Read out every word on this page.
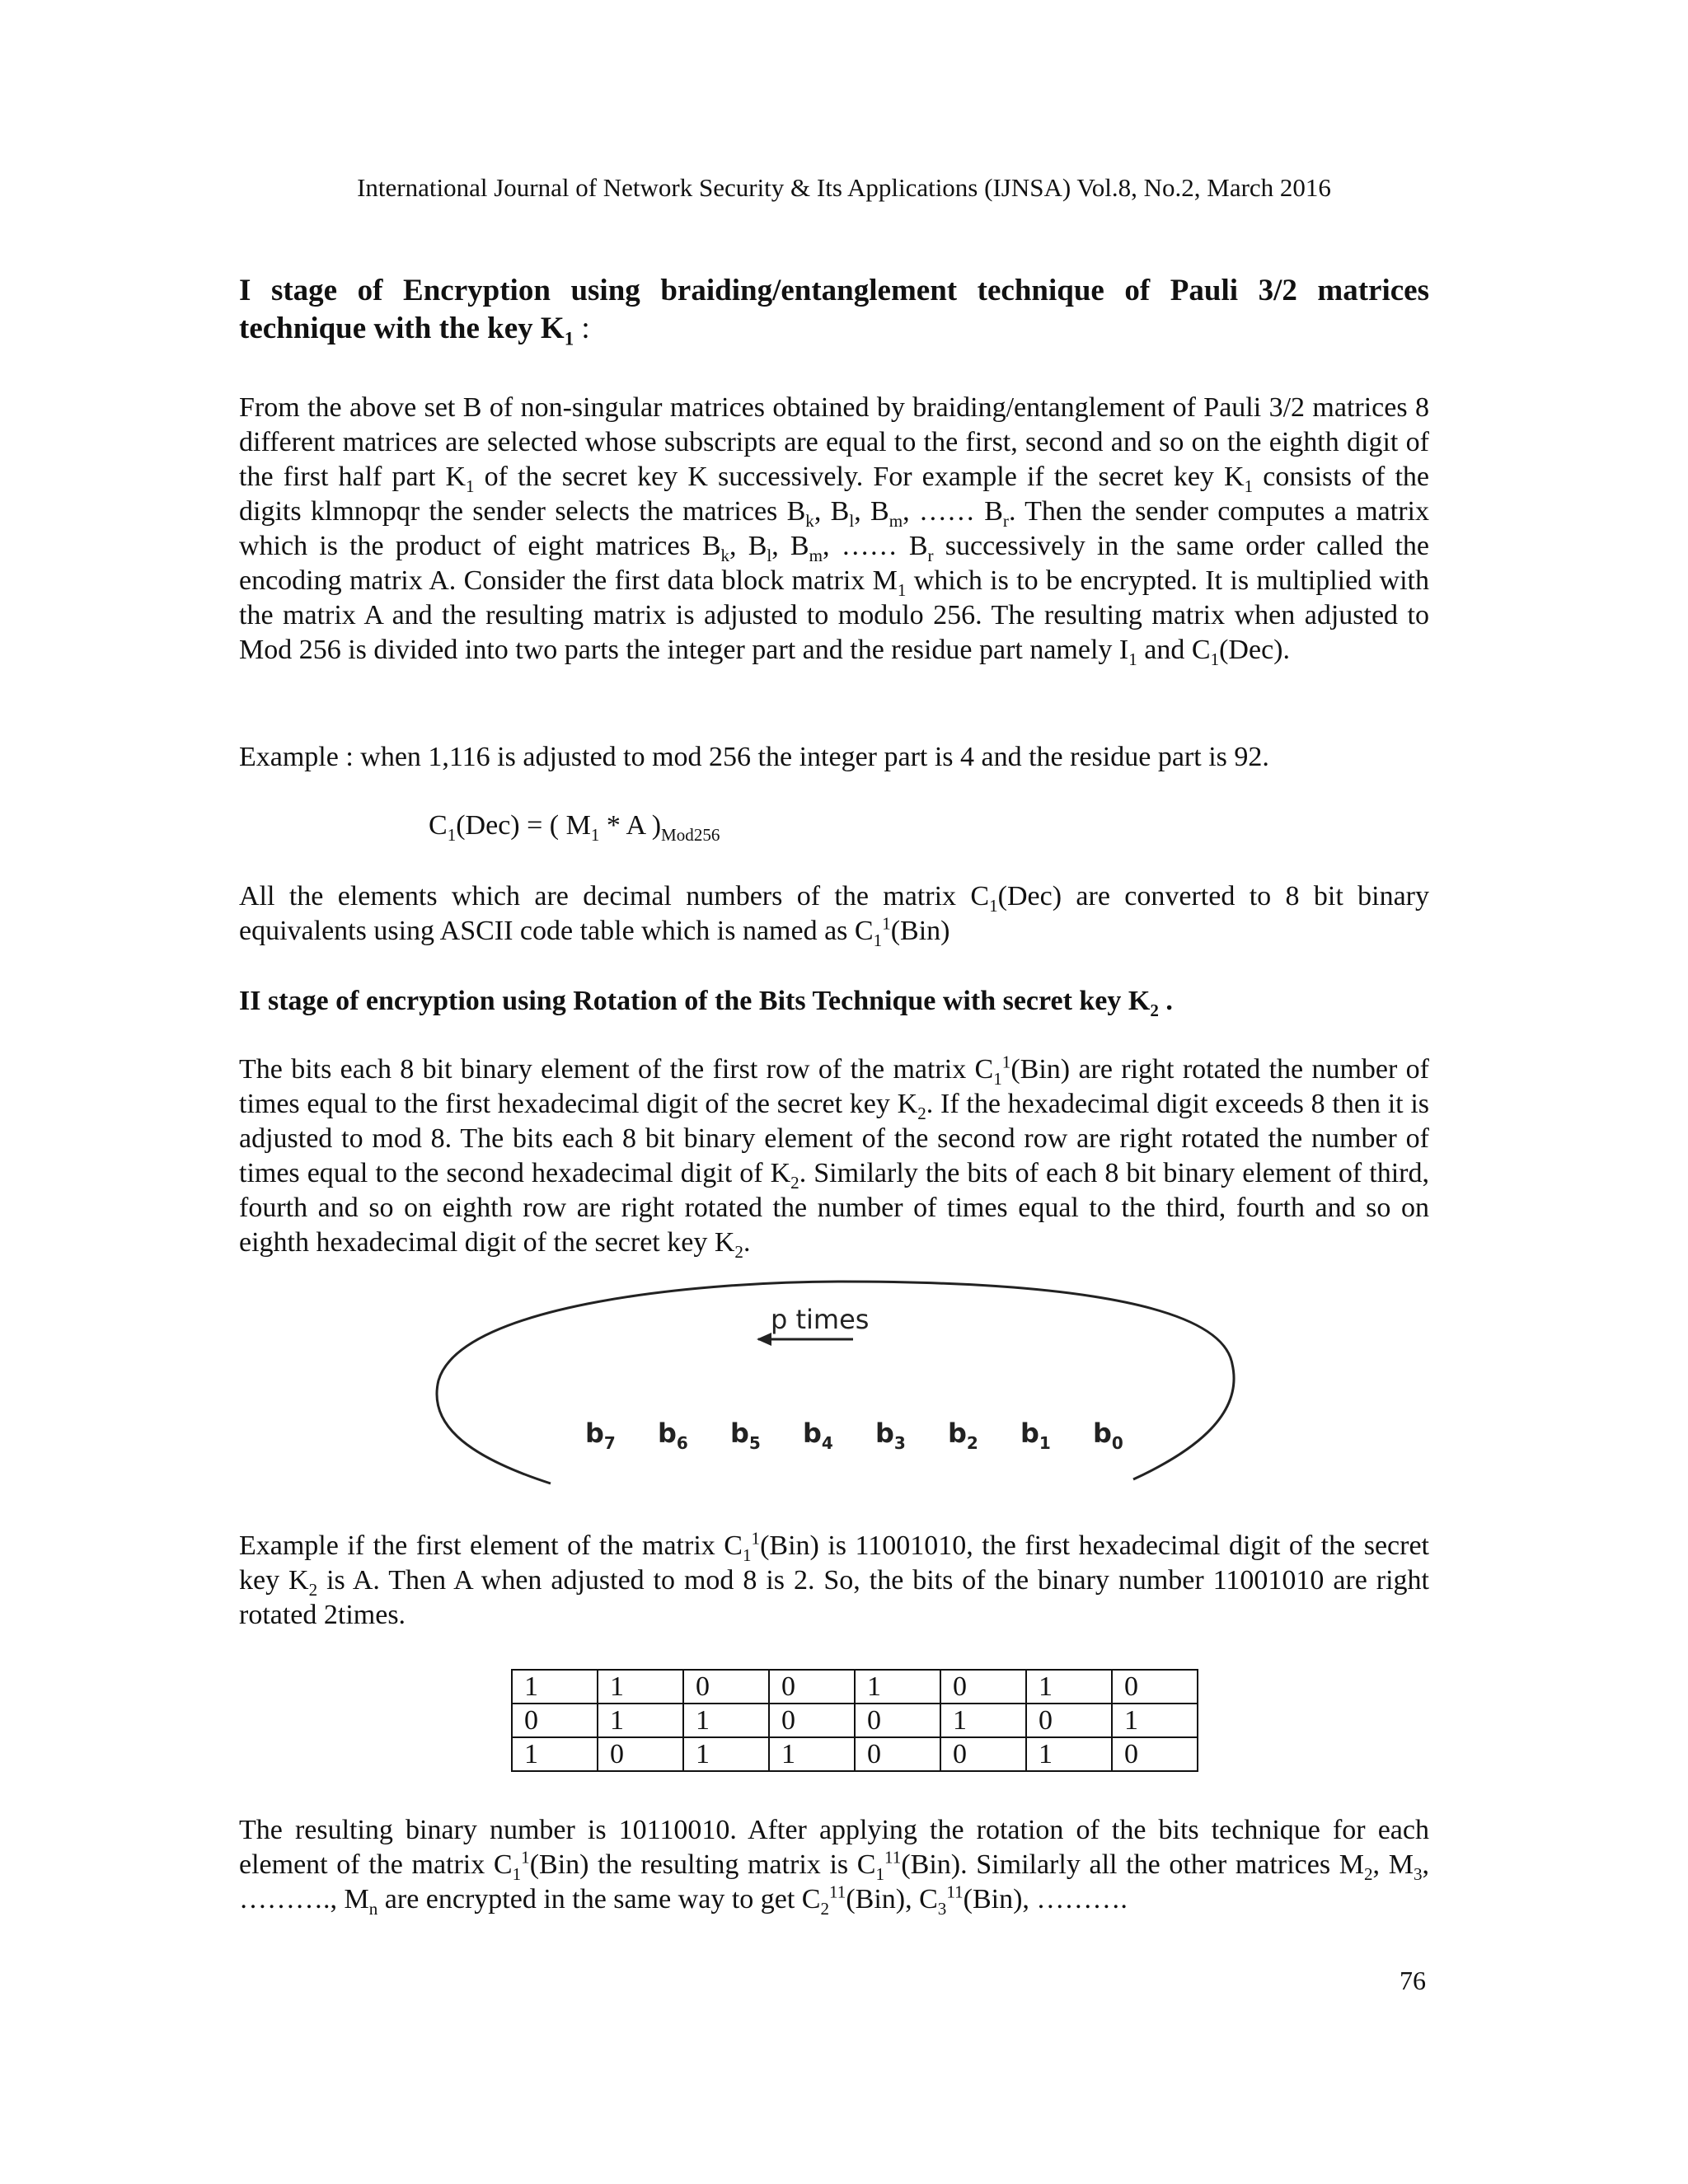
International Journal of Network Security & Its Applications (IJNSA) Vol.8, No.2, March 2016

I stage of Encryption using braiding/entanglement technique of Pauli 3/2 matrices technique with the key $K_1$ :

From the above set B of non-singular matrices obtained by braiding/entanglement of Pauli 3/2 matrices 8 different matrices are selected whose subscripts are equal to the first, second and so on the eighth digit of the first half part $K_1$ of the secret key K successively. For example if the secret key $K_1$ consists of the digits klmnopqr the sender selects the matrices $B_k$, $B_l$, $B_m$, …… $B_r$. Then the sender computes a matrix which is the product of eight matrices $B_k$, $B_l$, $B_m$, …… $B_r$ successively in the same order called the encoding matrix A. Consider the first data block matrix $M_1$ which is to be encrypted. It is multiplied with the matrix A and the resulting matrix is adjusted to modulo 256. The resulting matrix when adjusted to Mod 256 is divided into two parts the integer part and the residue part namely $I_1$ and $C_1(Dec)$.

Example : when 1,116 is adjusted to mod 256 the integer part is 4 and the residue part is 92.

$C_1(Dec)$ = ( $M_1$ * A )$_{Mod256}$

All the elements which are decimal numbers of the matrix $C_1(Dec)$ are converted to 8 bit binary equivalents using ASCII code table which is named as $C_1^1(Bin)$

II stage of encryption using Rotation of the Bits Technique with secret key $K_2$ .

The bits each 8 bit binary element of the first row of the matrix $C_1^1(Bin)$ are right rotated the number of times equal to the first hexadecimal digit of the secret key $K_2$. If the hexadecimal digit exceeds 8 then it is adjusted to mod 8. The bits each 8 bit binary element of the second row are right rotated the number of times equal to the second hexadecimal digit of $K_2$. Similarly the bits of each 8 bit binary element of third, fourth and so on eighth row are right rotated the number of times equal to the third, fourth and so on eighth hexadecimal digit of the secret key $K_2$.

p times
$b_7$ $b_6$ $b_5$ $b_4$ $b_3$ $b_2$ $b_1$ $b_0$

Example if the first element of the matrix $C_1^1(Bin)$ is 11001010, the first hexadecimal digit of the secret key $K_2$ is A. Then A when adjusted to mod 8 is 2. So, the bits of the binary number 11001010 are right rotated 2times.

1	1	0	0	1	0	1	0
0	1	1	0	0	1	0	1
1	0	1	1	0	0	1	0

The resulting binary number is 10110010. After applying the rotation of the bits technique for each element of the matrix $C_1^1(Bin)$ the resulting matrix is $C_1^{11}(Bin)$. Similarly all the other matrices $M_2$, $M_3$, ………., $M_n$ are encrypted in the same way to get $C_2^{11}(Bin)$, $C_3^{11}(Bin)$, ……….

76
